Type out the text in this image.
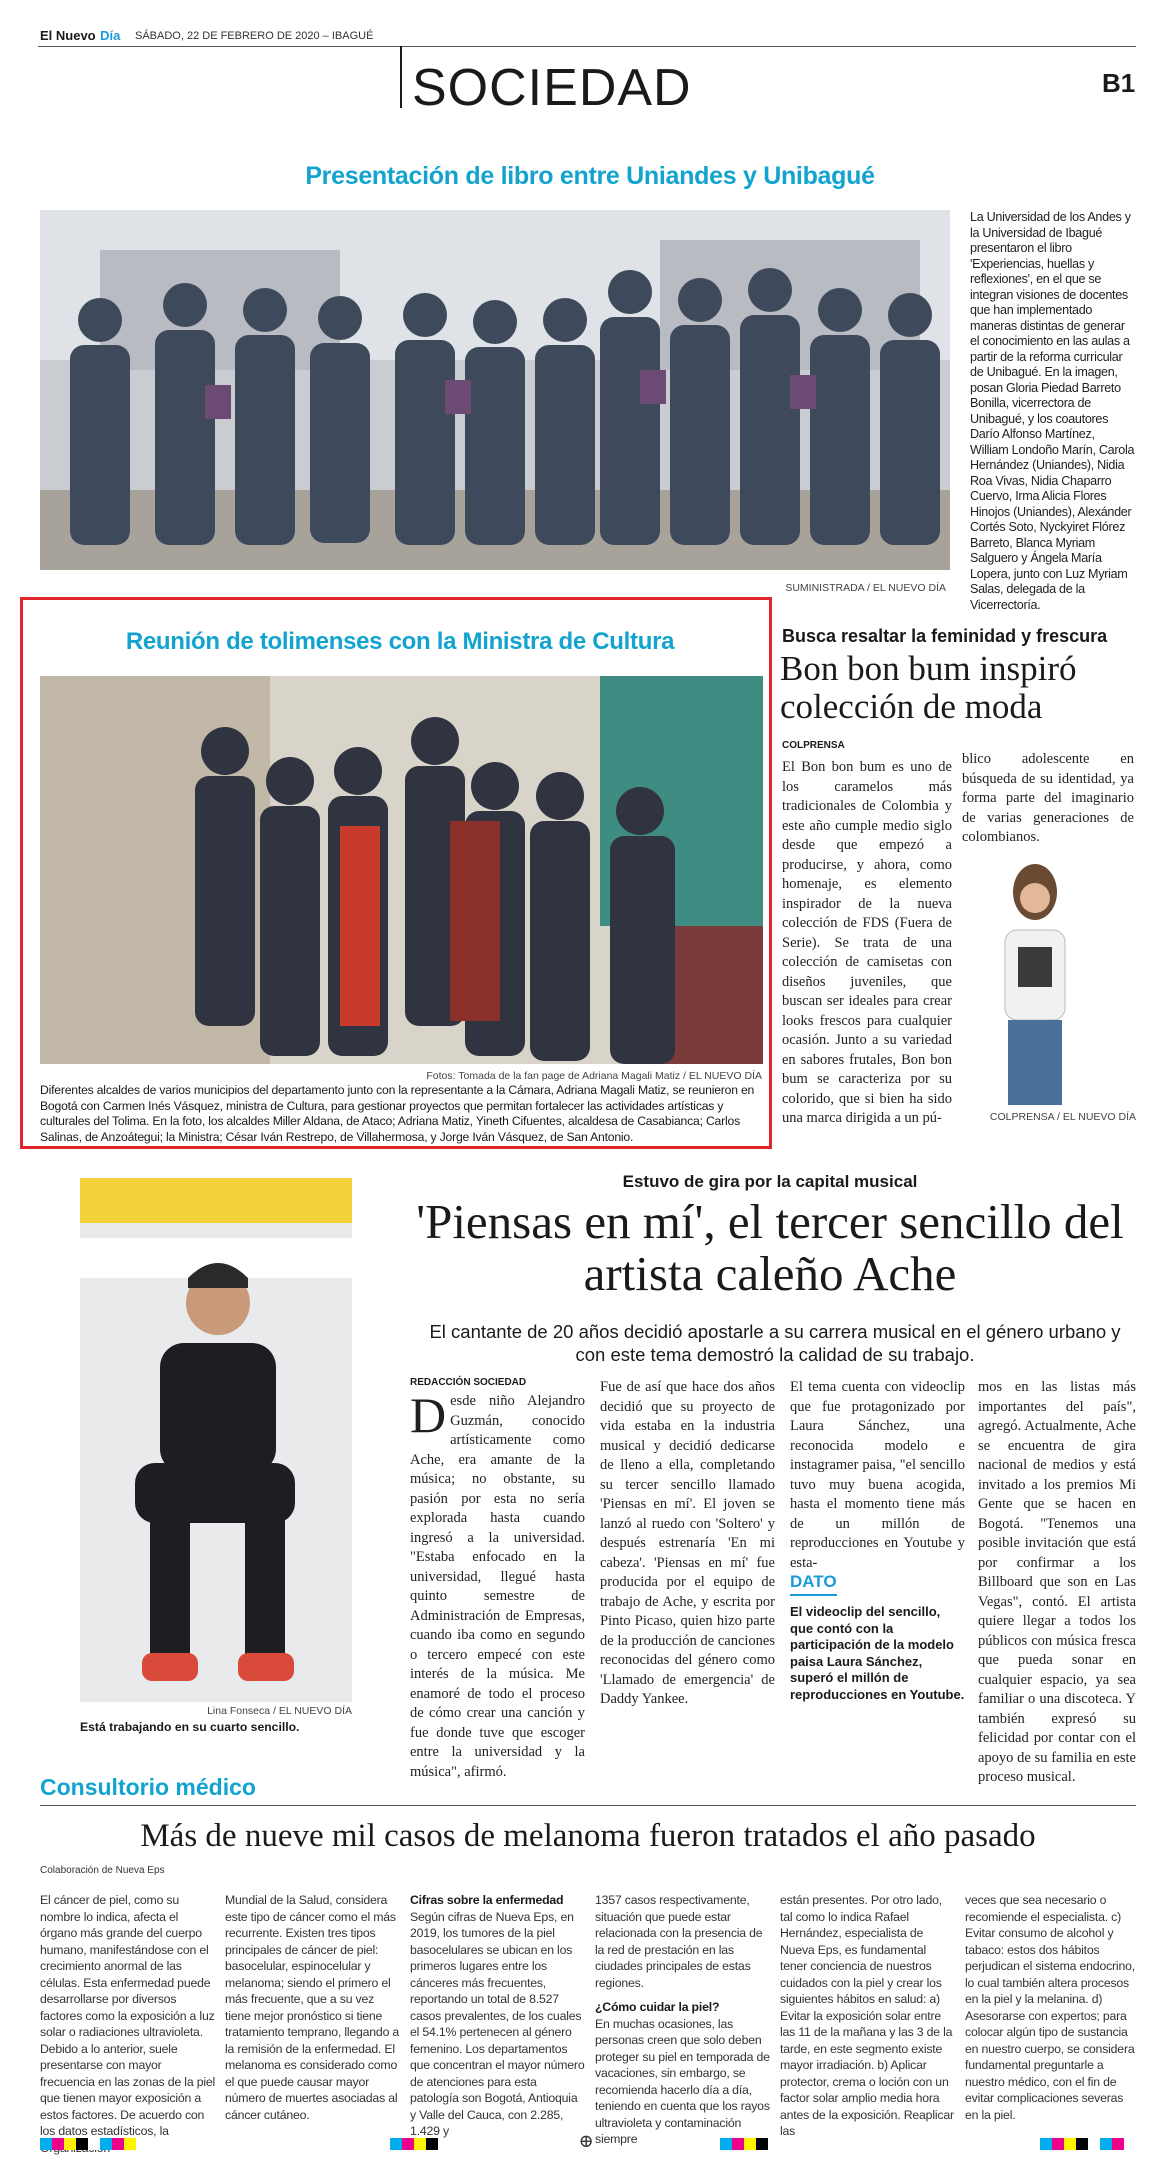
El Nuevo Día SÁBADO, 22 DE FEBRERO DE 2020 – IBAGUÉ
SOCIEDAD	B1
Presentación de libro entre Uniandes y Unibagué
La Universidad de los Andes y la Universidad de Ibagué presentaron el libro 'Experiencias, huellas y reflexiones', en el que se integran visiones de docentes que han implementado maneras distintas de generar el conocimiento en las aulas a partir de la reforma curricular de Unibagué. En la imagen, posan Gloria Piedad Barreto Bonilla, vicerrectora de Unibagué, y los coautores Darío Alfonso Martínez, William Londoño Marín, Carola Hernández (Uniandes), Nidia Roa Vivas, Nidia Chaparro Cuervo, Irma Alicia Flores Hinojos (Uniandes), Alexánder Cortés Soto, Nyckyiret Flórez Barreto, Blanca Myriam Salguero y Ángela María Lopera, junto con Luz Myriam Salas, delegada de la Vicerrectoría.
SUMINISTRADA / EL NUEVO DÍA
Reunión de tolimenses con la Ministra de Cultura
Fotos: Tomada de la fan page de Adriana Magali Matiz / EL NUEVO DÍA
Diferentes alcaldes de varios municipios del departamento junto con la representante a la Cámara, Adriana Magali Matiz, se reunieron en Bogotá con Carmen Inés Vásquez, ministra de Cultura, para gestionar proyectos que permitan fortalecer las actividades artísticas y culturales del Tolima. En la foto, los alcaldes Miller Aldana, de Ataco; Adriana Matiz, Yineth Cifuentes, alcaldesa de Casabianca; Carlos Salinas, de Anzoátegui; la Ministra; César Iván Restrepo, de Villahermosa, y Jorge Iván Vásquez, de San Antonio.
Busca resaltar la feminidad y frescura
Bon bon bum inspiró colección de moda
COLPRENSA
El Bon bon bum es uno de los caramelos más tradicionales de Colombia y este año cumple medio siglo desde que empezó a producirse, y ahora, como homenaje, es elemento inspirador de la nueva colección de FDS (Fuera de Serie). Se trata de una colección de camisetas con diseños juveniles, que buscan ser ideales para crear looks frescos para cualquier ocasión. Junto a su variedad en sabores frutales, Bon bon bum se caracteriza por su colorido, que si bien ha sido una marca dirigida a un pú-
blico adolescente en búsqueda de su identidad, ya forma parte del imaginario de varias generaciones de colombianos.
COLPRENSA / EL NUEVO DÍA
Lina Fonseca / EL NUEVO DÍA
Está trabajando en su cuarto sencillo.
Estuvo de gira por la capital musical
'Piensas en mí', el tercer sencillo del artista caleño Ache
El cantante de 20 años decidió apostarle a su carrera musical en el género urbano y con este tema demostró la calidad de su trabajo.
REDACCIÓN SOCIEDAD
Desde niño Alejandro Guzmán, conocido artísticamente como Ache, era amante de la música; no obstante, su pasión por esta no sería explorada hasta cuando ingresó a la universidad. "Estaba enfocado en la universidad, llegué hasta quinto semestre de Administración de Empresas, cuando iba como en segundo o tercero empecé con este interés de la música. Me enamoré de todo el proceso de cómo crear una canción y fue donde tuve que escoger entre la universidad y la música", afirmó.
Fue de así que hace dos años decidió que su proyecto de vida estaba en la industria musical y decidió dedicarse de lleno a ella, completando su tercer sencillo llamado 'Piensas en mí'. El joven se lanzó al ruedo con 'Soltero' y después estrenaría 'En mi cabeza'. 'Piensas en mí' fue producida por el equipo de trabajo de Ache, y escrita por Pinto Picaso, quien hizo parte de la producción de canciones reconocidas del género como 'Llamado de emergencia' de Daddy Yankee.
El tema cuenta con videoclip que fue protagonizado por Laura Sánchez, una reconocida modelo e instagramer paisa, "el sencillo tuvo muy buena acogida, hasta el momento tiene más de un millón de reproducciones en Youtube y esta-
DATO
El videoclip del sencillo, que contó con la participación de la modelo paisa Laura Sánchez, superó el millón de reproducciones en Youtube.
mos en las listas más importantes del país", agregó. Actualmente, Ache se encuentra de gira nacional de medios y está invitado a los premios Mi Gente que se hacen en Bogotá. "Tenemos una posible invitación que está por confirmar a los Billboard que son en Las Vegas", contó. El artista quiere llegar a todos los públicos con música fresca que pueda sonar en cualquier espacio, ya sea familiar o una discoteca. Y también expresó su felicidad por contar con el apoyo de su familia en este proceso musical.
Consultorio médico
Más de nueve mil casos de melanoma fueron tratados el año pasado
Colaboración de Nueva Eps
El cáncer de piel, como su nombre lo indica, afecta el órgano más grande del cuerpo humano, manifestándose con el crecimiento anormal de las células. Esta enfermedad puede desarrollarse por diversos factores como la exposición a luz solar o radiaciones ultravioleta. Debido a lo anterior, suele presentarse con mayor frecuencia en las zonas de la piel que tienen mayor exposición a estos factores. De acuerdo con los datos estadísticos, la
Mundial de la Salud, considera este tipo de cáncer como el más recurrente. Existen tres tipos principales de cáncer de piel: basocelular, espinocelular y melanoma; siendo el primero el más frecuente, que a su vez tiene mejor pronóstico si tiene tratamiento temprano, llegando a la remisión de la enfermedad. El melanoma es considerado como el que puede causar mayor número de muertes asociadas al cáncer cutáneo.
Cifras sobre la enfermedad
Según cifras de Nueva Eps, en 2019, los tumores de la piel basocelulares se ubican en los primeros lugares entre los cánceres más frecuentes, reportando un total de 8.527 casos prevalentes, de los cuales el 54.1% pertenecen al género femenino. Los departamentos que concentran el mayor número de atenciones para esta patología son Bogotá, Antioquia y Valle del Cauca, con 2.285, 1.429 y
1357 casos respectivamente, situación que puede estar relacionada con la presencia de la red de prestación en las ciudades principales de estas regiones.
¿Cómo cuidar la piel?
En muchas ocasiones, las personas creen que solo deben proteger su piel en temporada de vacaciones, sin embargo, se recomienda hacerlo día a día, teniendo en cuenta que los rayos ultravioleta y contaminación siempre
están presentes. Por otro lado, tal como lo indica Rafael Hernández, especialista de Nueva Eps, es fundamental tener conciencia de nuestros cuidados con la piel y crear los siguientes hábitos en salud: a) Evitar la exposición solar entre las 11 de la mañana y las 3 de la tarde, en este segmento existe mayor irradiación. b) Aplicar protector, crema o loción con un factor solar amplio media hora antes de la exposición. Reaplicar las
veces que sea necesario o recomiende el especialista. c) Evitar consumo de alcohol y tabaco: estos dos hábitos perjudican el sistema endocrino, lo cual también altera procesos en la piel y la melanina. d) Asesorarse con expertos; para colocar algún tipo de sustancia en nuestro cuerpo, se considera fundamental preguntarle a nuestro médico, con el fin de evitar complicaciones severas en la piel.
⊕
